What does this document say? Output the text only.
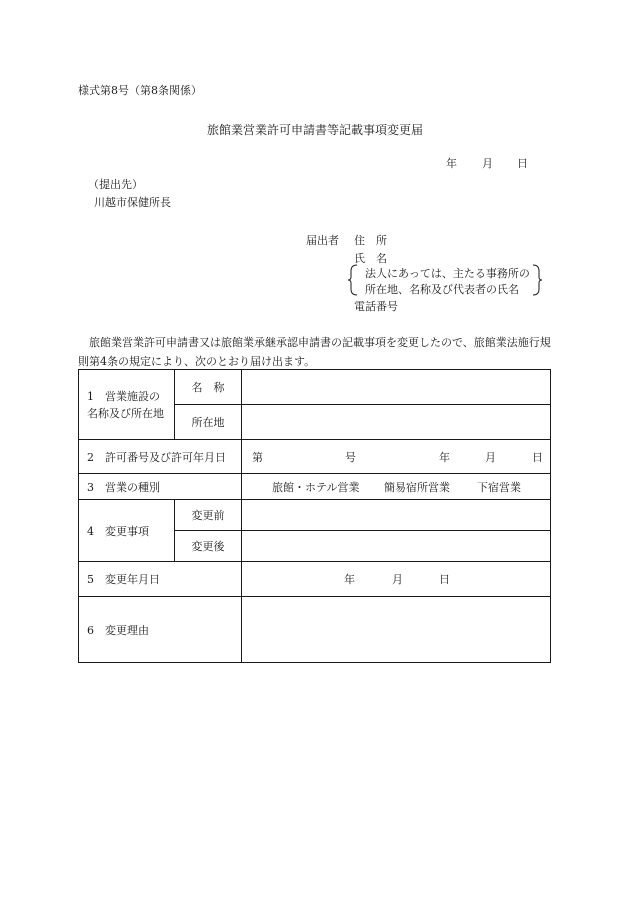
様式第8号（第8条関係）
旅館業営業許可申請書等記載事項変更届
年 月 日
（提出先）
川越市保健所長
届出者 住　所
氏　名
法人にあっては、主たる事務所の
所在地、名称及び代表者の氏名
電話番号
旅館業営業許可申請書又は旅館業承継承認申請書の記載事項を変更したので、旅館業法施行規則第4条の規定により、次のとおり届け出ます。
1　営業施設の名称及び所在地	名　称	
	所在地	
2　許可番号及び許可年月日		第 号 年 月 日

3　営業の種別		旅館・ホテル営業 簡易宿所営業 下宿営業

4　変更事項	変更前	
	変更後	
5　変更年月日		年 月 日

6　変更理由		
